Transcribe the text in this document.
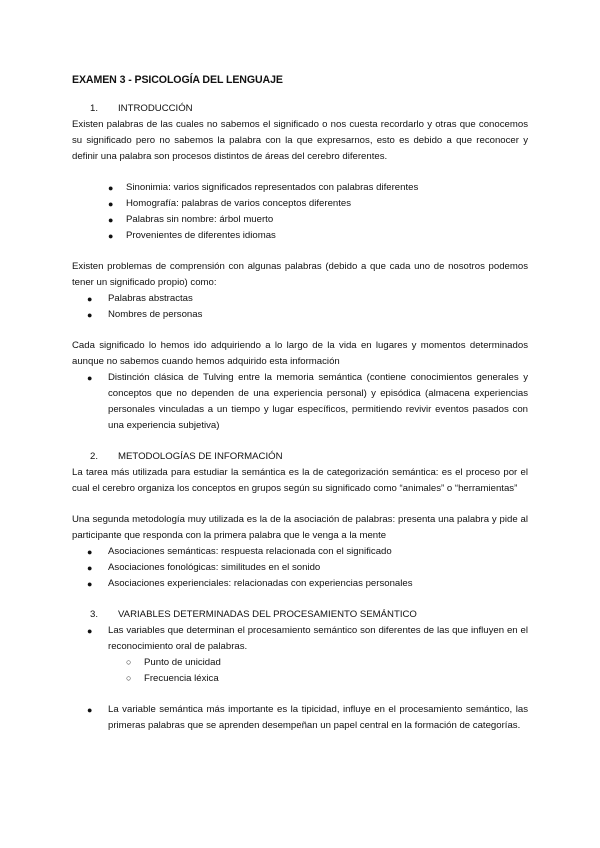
EXAMEN 3 - PSICOLOGÍA DEL LENGUAJE

1. INTRODUCCIÓN

Existen palabras de las cuales no sabemos el significado o nos cuesta recordarlo y otras que conocemos su significado pero no sabemos la palabra con la que expresarnos, esto es debido a que reconocer y definir una palabra son procesos distintos de áreas del cerebro diferentes.

● Sinonimia: varios significados representados con palabras diferentes
● Homografía: palabras de varios conceptos diferentes
● Palabras sin nombre: árbol muerto
● Provenientes de diferentes idiomas

Existen problemas de comprensión con algunas palabras (debido a que cada uno de nosotros podemos tener un significado propio) como:

● Palabras abstractas
● Nombres de personas

Cada significado lo hemos ido adquiriendo a lo largo de la vida en lugares y momentos determinados aunque no sabemos cuando hemos adquirido esta información

● Distinción clásica de Tulving entre la memoria semántica (contiene conocimientos generales y conceptos que no dependen de una experiencia personal) y episódica (almacena experiencias personales vinculadas a un tiempo y lugar específicos, permitiendo revivir eventos pasados con una experiencia subjetiva)

2. METODOLOGÍAS DE INFORMACIÓN

La tarea más utilizada para estudiar la semántica es la de categorización semántica: es el proceso por el cual el cerebro organiza los conceptos en grupos según su significado como “animales” o “herramientas”

Una segunda metodología muy utilizada es la de la asociación de palabras: presenta una palabra y pide al participante que responda con la primera palabra que le venga a la mente

● Asociaciones semánticas: respuesta relacionada con el significado
● Asociaciones fonológicas: similitudes en el sonido
● Asociaciones experienciales: relacionadas con experiencias personales

3. VARIABLES DETERMINADAS DEL PROCESAMIENTO SEMÁNTICO

● Las variables que determinan el procesamiento semántico son diferentes de las que influyen en el reconocimiento oral de palabras.
○ Punto de unicidad
○ Frecuencia léxica
● La variable semántica más importante es la tipicidad, influye en el procesamiento semántico, las primeras palabras que se aprenden desempeñan un papel central en la formación de categorías.
